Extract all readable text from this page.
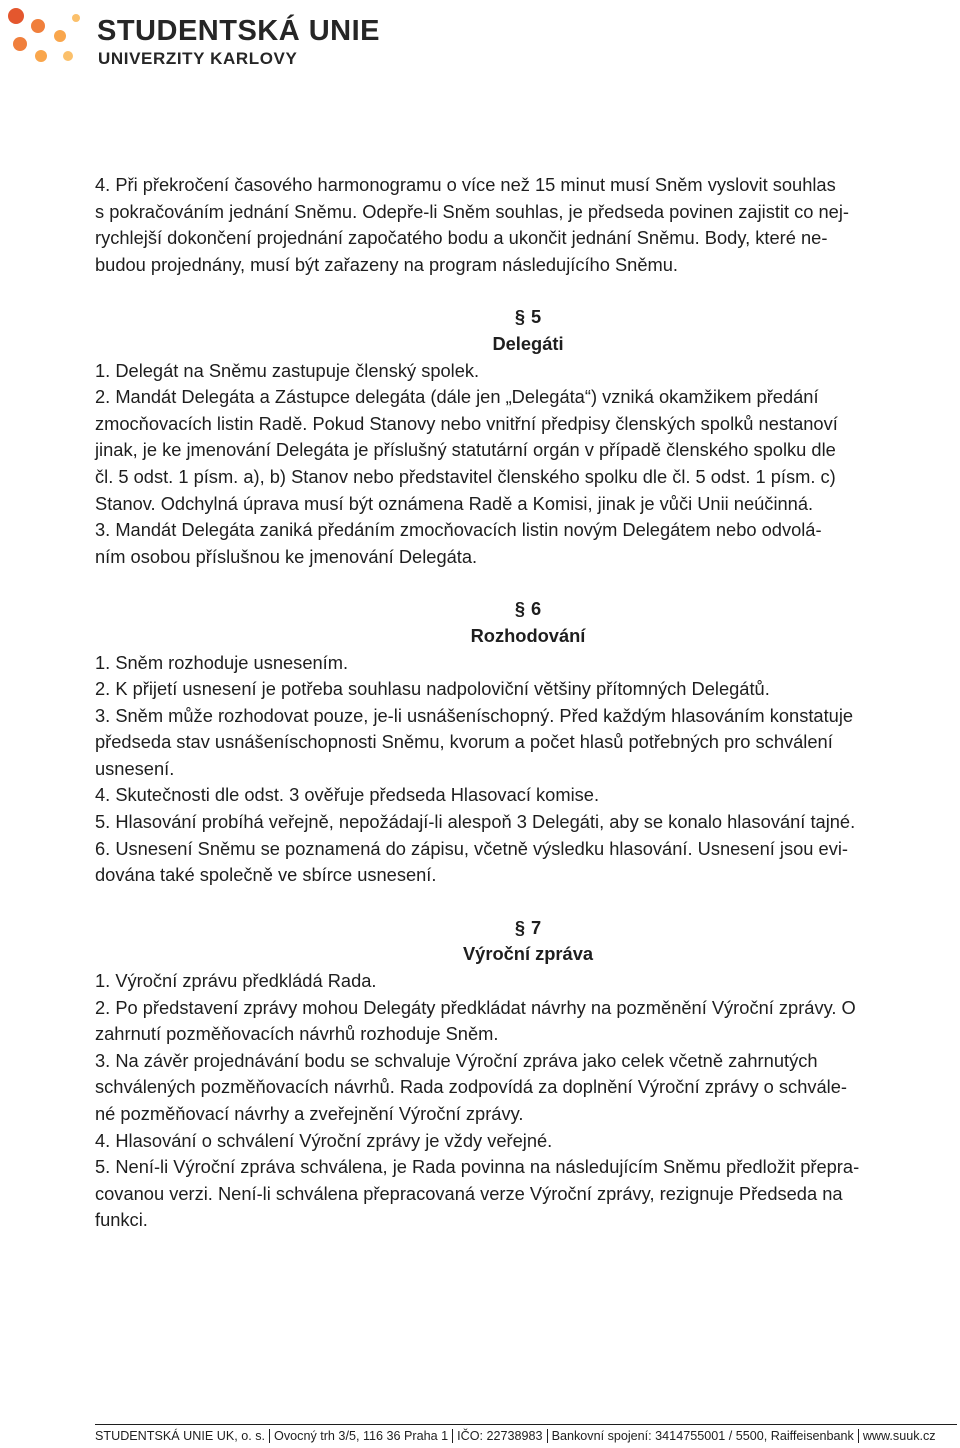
STUDENTSKÁ UNIE
UNIVERZITY KARLOVY

4. Při překročení časového harmonogramu o více než 15 minut musí Sněm vyslovit souhlas

s pokračováním jednání Sněmu. Odepře-li Sněm souhlas, je předseda povinen zajistit co nej-

rychlejší dokončení projednání započatého bodu a ukončit jednání Sněmu. Body, které ne-

budou projednány, musí být zařazeny na program následujícího Sněmu.

§ 5

Delegáti

1. Delegát na Sněmu zastupuje členský spolek.

2. Mandát Delegáta a Zástupce delegáta (dále jen „Delegáta“) vzniká okamžikem předání

zmocňovacích listin Radě. Pokud Stanovy nebo vnitřní předpisy členských spolků nestanoví

jinak, je ke jmenování Delegáta je příslušný statutární orgán v případě členského spolku dle

čl. 5 odst. 1 písm. a), b) Stanov nebo představitel členského spolku dle čl. 5 odst. 1 písm. c)

Stanov. Odchylná úprava musí být oznámena Radě a Komisi, jinak je vůči Unii neúčinná.

3. Mandát Delegáta zaniká předáním zmocňovacích listin novým Delegátem nebo odvolá-

ním osobou příslušnou ke jmenování Delegáta.

§ 6

Rozhodování

1. Sněm rozhoduje usnesením.

2. K přijetí usnesení je potřeba souhlasu nadpoloviční většiny přítomných Delegátů.

3. Sněm může rozhodovat pouze, je-li usnášeníschopný. Před každým hlasováním konstatuje

předseda stav usnášeníschopnosti Sněmu, kvorum a počet hlasů potřebných pro schválení

usnesení.

4. Skutečnosti dle odst. 3 ověřuje předseda Hlasovací komise.

5. Hlasování probíhá veřejně, nepožádají-li alespoň 3 Delegáti, aby se konalo hlasování tajné.

6. Usnesení Sněmu se poznamená do zápisu, včetně výsledku hlasování. Usnesení jsou evi-

dována také společně ve sbírce usnesení.

§ 7

Výroční zpráva

1. Výroční zprávu předkládá Rada.

2. Po představení zprávy mohou Delegáty předkládat návrhy na pozměnění Výroční zprávy. O

zahrnutí pozměňovacích návrhů rozhoduje Sněm.

3. Na závěr projednávání bodu se schvaluje Výroční zpráva jako celek včetně zahrnutých

schválených pozměňovacích návrhů. Rada zodpovídá za doplnění Výroční zprávy o schvále-

né pozměňovací návrhy a zveřejnění Výroční zprávy.

4. Hlasování o schválení Výroční zprávy je vždy veřejné.

5. Není-li Výroční zpráva schválena, je Rada povinna na následujícím Sněmu předložit přepra-

covanou verzi. Není-li schválena přepracovaná verze Výroční zprávy, rezignuje Předseda na

funkci.

STUDENTSKÁ UNIE UK, o. s. Ovocný trh 3/5, 116 36 Praha 1 IČO: 22738983 Bankovní spojení: 3414755001 / 5500, Raiffeisenbank www.suuk.cz
